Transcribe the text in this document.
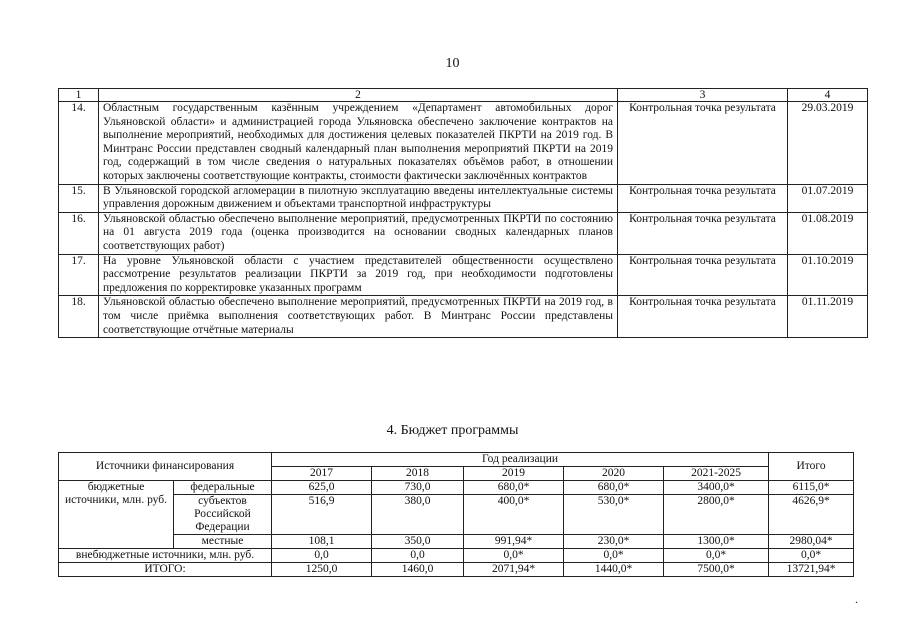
10
1	2	3	4
14.	Областным государственным казённым учреждением «Департамент автомобильных дорог Ульяновской области» и администрацией города Ульяновска обеспечено заключение контрактов на выполнение мероприятий, необходимых для достижения целевых показателей ПКРТИ на 2019 год. В Минтранс России представлен сводный календарный план выполнения мероприятий ПКРТИ на 2019 год, содержащий в том числе сведения о натуральных показателях объёмов работ, в отношении которых заключены соответствующие контракты, стоимости фактически заключённых контрактов	Контрольная точка результата	29.03.2019
15.	В Ульяновской городской агломерации в пилотную эксплуатацию введены интеллектуальные системы управления дорожным движением и объектами транспортной инфраструктуры	Контрольная точка результата	01.07.2019
16.	Ульяновской областью обеспечено выполнение мероприятий, предусмотренных ПКРТИ по состоянию на 01 августа 2019 года (оценка производится на основании сводных календарных планов соответствующих работ)	Контрольная точка результата	01.08.2019
17.	На уровне Ульяновской области с участием представителей общественности осуществлено рассмотрение результатов реализации ПКРТИ за 2019 год, при необходимости подготовлены предложения по корректировке указанных программ	Контрольная точка результата	01.10.2019
18.	Ульяновской областью обеспечено выполнение мероприятий, предусмотренных ПКРТИ на 2019 год, в том числе приёмка выполнения соответствующих работ. В Минтранс России представлены соответствующие отчётные материалы	Контрольная точка результата	01.11.2019
4. Бюджет программы
Источники финансирования		Год реализации					Итого
		2017	2018	2019	2020	2021-2025	
бюджетные источники, млн. руб.	федеральные	625,0	730,0	680,0*	680,0*	3400,0*	6115,0*
	субъектов Российской Федерации	516,9	380,0	400,0*	530,0*	2800,0*	4626,9*
	местные	108,1	350,0	991,94*	230,0*	1300,0*	2980,04*
внебюджетные источники, млн. руб.		0,0	0,0	0,0*	0,0*	0,0*	0,0*
ИТОГО:		1250,0	1460,0	2071,94*	1440,0*	7500,0*	13721,94*
.
